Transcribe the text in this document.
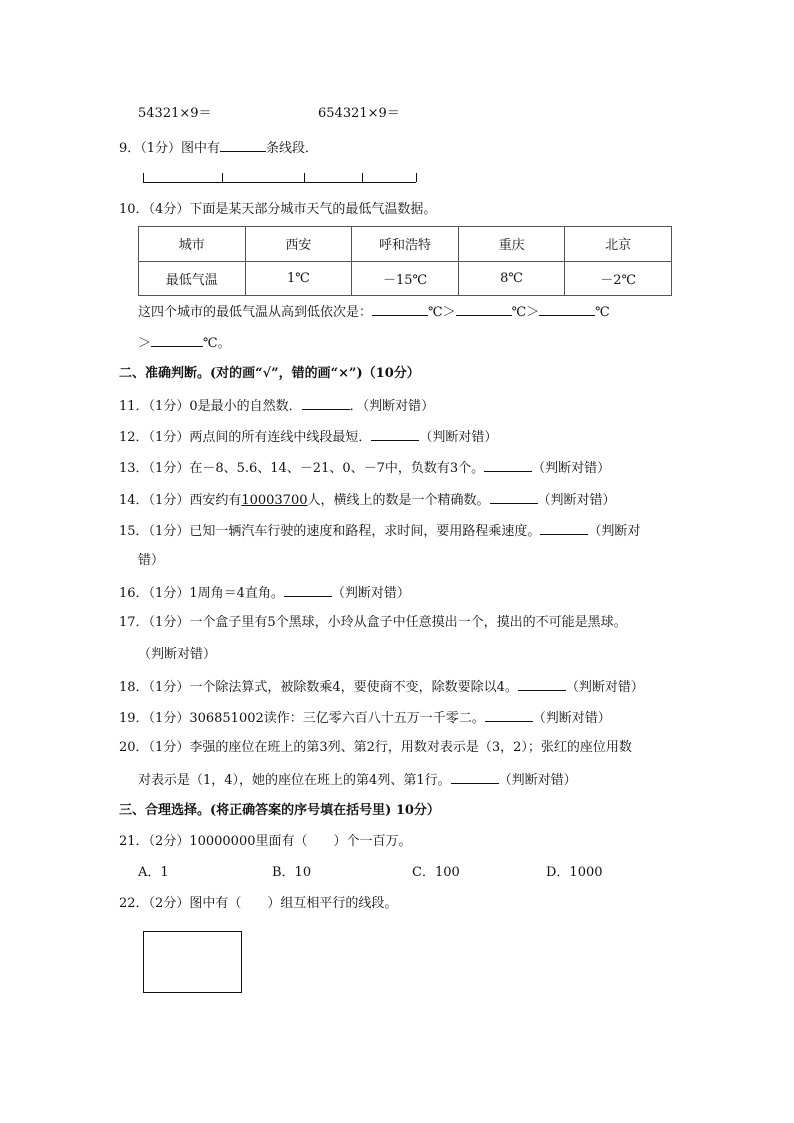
54321×9＝	654321×9＝
9．（1分）图中有	条线段．
10．（4分）下面是某天部分城市天气的最低气温数据。
城市	西安	呼和浩特	重庆	北京
最低气温	1℃	－15℃	8℃	－2℃
这四个城市的最低气温从高到低依次是：	℃＞	℃＞	℃
＞	℃。
二、准确判断。(对的画“√”，错的画“×”)（10分）
11．（1分）0是最小的自然数．	．（判断对错）
12．（1分）两点间的所有连线中线段最短．	（判断对错）
13．（1分）在－8、5.6、14、－21、0、－7中，负数有3个。	（判断对错）
14．（1分）西安约有10003700人，横线上的数是一个精确数。	（判断对错）
15．（1分）已知一辆汽车行驶的速度和路程，求时间，要用路程乘速度。	（判断对
错）
16．（1分）1周角＝4直角。	（判断对错）
17．（1分）一个盒子里有5个黑球，小玲从盒子中任意摸出一个，摸出的不可能是黑球。
（判断对错）
18．（1分）一个除法算式，被除数乘4，要使商不变，除数要除以4。	（判断对错）
19．（1分）306851002读作：三亿零六百八十五万一千零二。	（判断对错）
20．（1分）李强的座位在班上的第3列、第2行，用数对表示是（3，2）；张红的座位用数
对表示是（1，4），她的座位在班上的第4列、第1行。	（判断对错）
三、合理选择。(将正确答案的序号填在括号里) 10分）
21．（2分）10000000里面有（　　）个一百万。
A．1	B．10	C．100	D．1000
22．（2分）图中有（　　）组互相平行的线段。
